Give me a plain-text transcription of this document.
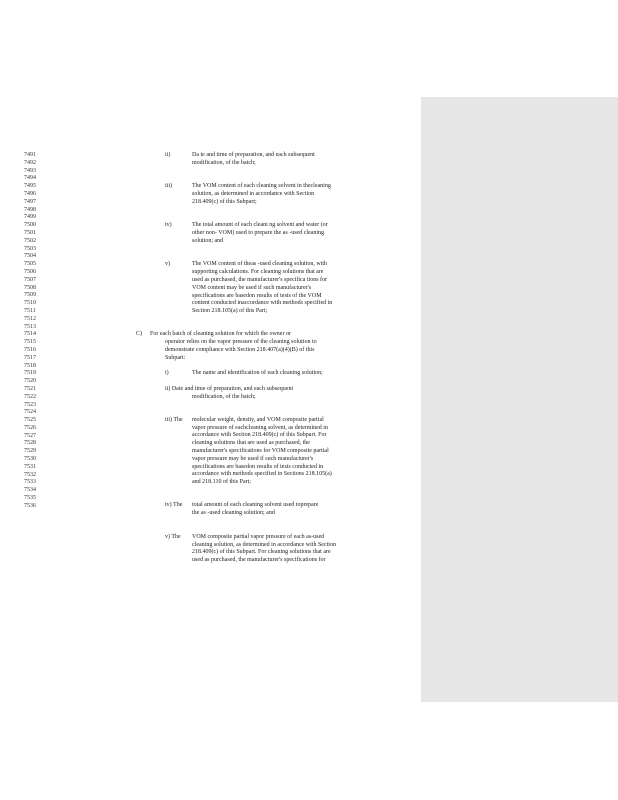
7491
7492
7493
7494
7495
7496
7497
7498
7499
7500
7501
7502
7503
7504
7505
7506
7507
7508
7509
7510
7511
7512
7513
7514
7515
7516
7517
7518
7519
7520
7521
7522
7523
7524
7525
7526
7527
7528
7529
7530
7531
7532
7533
7534
7535
7536
ii)	Da te and time of preparation, and each subsequent
modification, of the batch;
iii)	The VOM content of each cleaning solvent in thecleaning
solution, as determined in accordance with Section
218.409(c) of this Subpart;
iv)	The total amount of each cleani ng solvent and water (or
other non- VOM) used to prepare the as -used cleaning
solution; and
v)	The VOM content of theas -used cleaning solution, with
supporting calculations. For cleaning solutions that are
used as purchased, the manufacturer's specifica tions for
VOM content may be used if such manufacturer's
specifications are basedon results of tests of the VOM
content conducted inaccordance with methods specified in
Section 218.105(a) of this Part;
C) For each batch of cleaning solution for which the owner or
operator relies on the vapor pressure of the cleaning solution to
demonstrate compliance with Section 218.407(a)(4)(B) of this
Subpart:
i)	The name and identification of each cleaning solution;
ii) Date and time of preparation, and each subsequent
modification, of the batch;
iii) The molecular weight, density, and VOM composite partial
vapor pressure of eachcleaning solvent, as determined in
accordance with Section 218.409(c) of this Subpart. For
cleaning solutions that are used as purchased, the
manufacturer's specifications for VOM composite partial
vapor pressure may be used if such manufacturer's
specifications are basedon results of tests conducted in
accordance with methods specified in Sections 218.105(a)
and 218.110 of this Part;
iv) The total amount of each cleaning solvent used toprepare
the as -used cleaning solution; and
v) The VOM composite partial vapor pressure of each as-used
cleaning solution, as determined in accordance with Section
218.409(c) of this Subpart. For cleaning solutions that are
used as purchased, the manufacturer's specifications for
